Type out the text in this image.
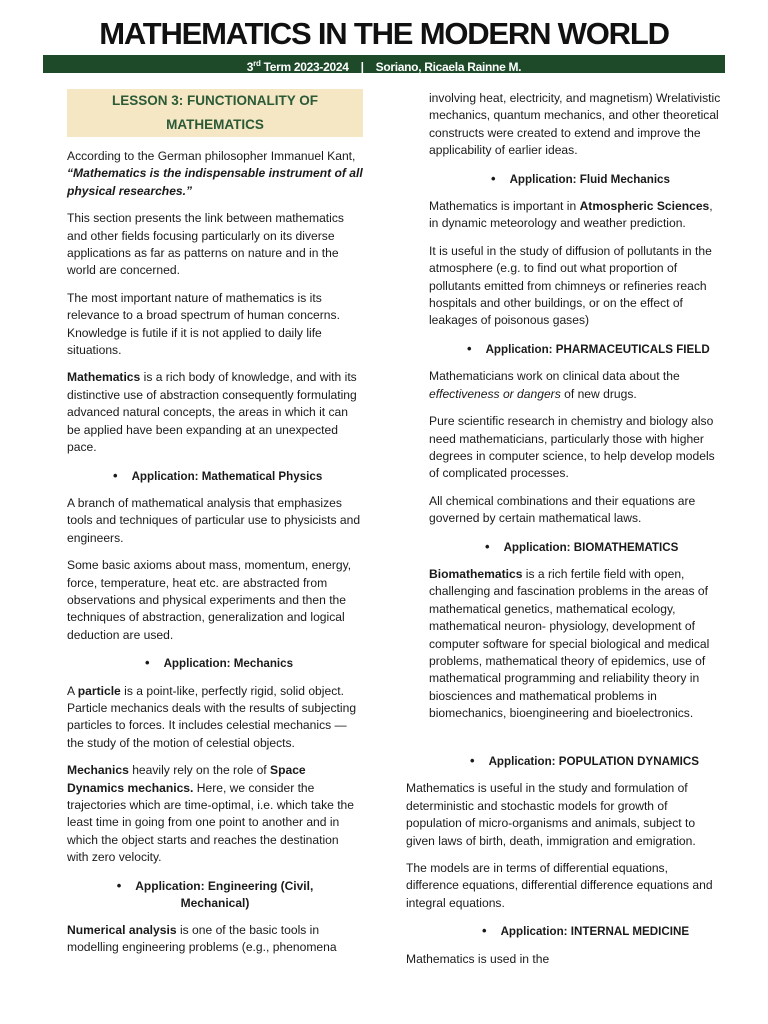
MATHEMATICS IN THE MODERN WORLD
3rd Term 2023-2024 | Soriano, Ricaela Rainne M.
LESSON 3: FUNCTIONALITY OF
MATHEMATICS

According to the German philosopher Immanuel Kant, “Mathematics is the indispensable instrument of all physical researches.”

This section presents the link between mathematics and other fields focusing particularly on its diverse applications as far as patterns on nature and in the world are concerned.

The most important nature of mathematics is its relevance to a broad spectrum of human concerns. Knowledge is futile if it is not applied to daily life situations.

Mathematics is a rich body of knowledge, and with its distinctive use of abstraction consequently formulating advanced natural concepts, the areas in which it can be applied have been expanding at an unexpected pace.

• Application: Mathematical Physics

A branch of mathematical analysis that emphasizes tools and techniques of particular use to physicists and engineers.

Some basic axioms about mass, momentum, energy, force, temperature, heat etc. are abstracted from observations and physical experiments and then the techniques of abstraction, generalization and logical deduction are used.

• Application: Mechanics

A particle is a point-like, perfectly rigid, solid object. Particle mechanics deals with the results of subjecting particles to forces. It includes celestial mechanics — the study of the motion of celestial objects.

Mechanics heavily rely on the role of Space Dynamics mechanics. Here, we consider the trajectories which are time-optimal, i.e. which take the least time in going from one point to another and in which the object starts and reaches the destination with zero velocity.

• Application: Engineering (Civil, Mechanical)

Numerical analysis is one of the basic tools in modelling engineering problems (e.g., phenomena

involving heat, electricity, and magnetism) Wrelativistic mechanics, quantum mechanics, and other theoretical constructs were created to extend and improve the applicability of earlier ideas.

• Application: Fluid Mechanics

Mathematics is important in Atmospheric Sciences, in dynamic meteorology and weather prediction.

It is useful in the study of diffusion of pollutants in the atmosphere (e.g. to find out what proportion of pollutants emitted from chimneys or refineries reach hospitals and other buildings, or on the effect of leakages of poisonous gases)

• Application: PHARMACEUTICALS FIELD

Mathematicians work on clinical data about the effectiveness or dangers of new drugs.

Pure scientific research in chemistry and biology also need mathematicians, particularly those with higher degrees in computer science, to help develop models of complicated processes.

All chemical combinations and their equations are governed by certain mathematical laws.

• Application: BIOMATHEMATICS

Biomathematics is a rich fertile field with open, challenging and fascination problems in the areas of mathematical genetics, mathematical ecology, mathematical neuron- physiology, development of computer software for special biological and medical problems, mathematical theory of epidemics, use of mathematical programming and reliability theory in biosciences and mathematical problems in biomechanics, bioengineering and bioelectronics.

• Application: POPULATION DYNAMICS

Mathematics is useful in the study and formulation of deterministic and stochastic models for growth of population of micro-organisms and animals, subject to given laws of birth, death, immigration and emigration.

The models are in terms of differential equations, difference equations, differential difference equations and integral equations.

• Application: INTERNAL MEDICINE

Mathematics is used in the
